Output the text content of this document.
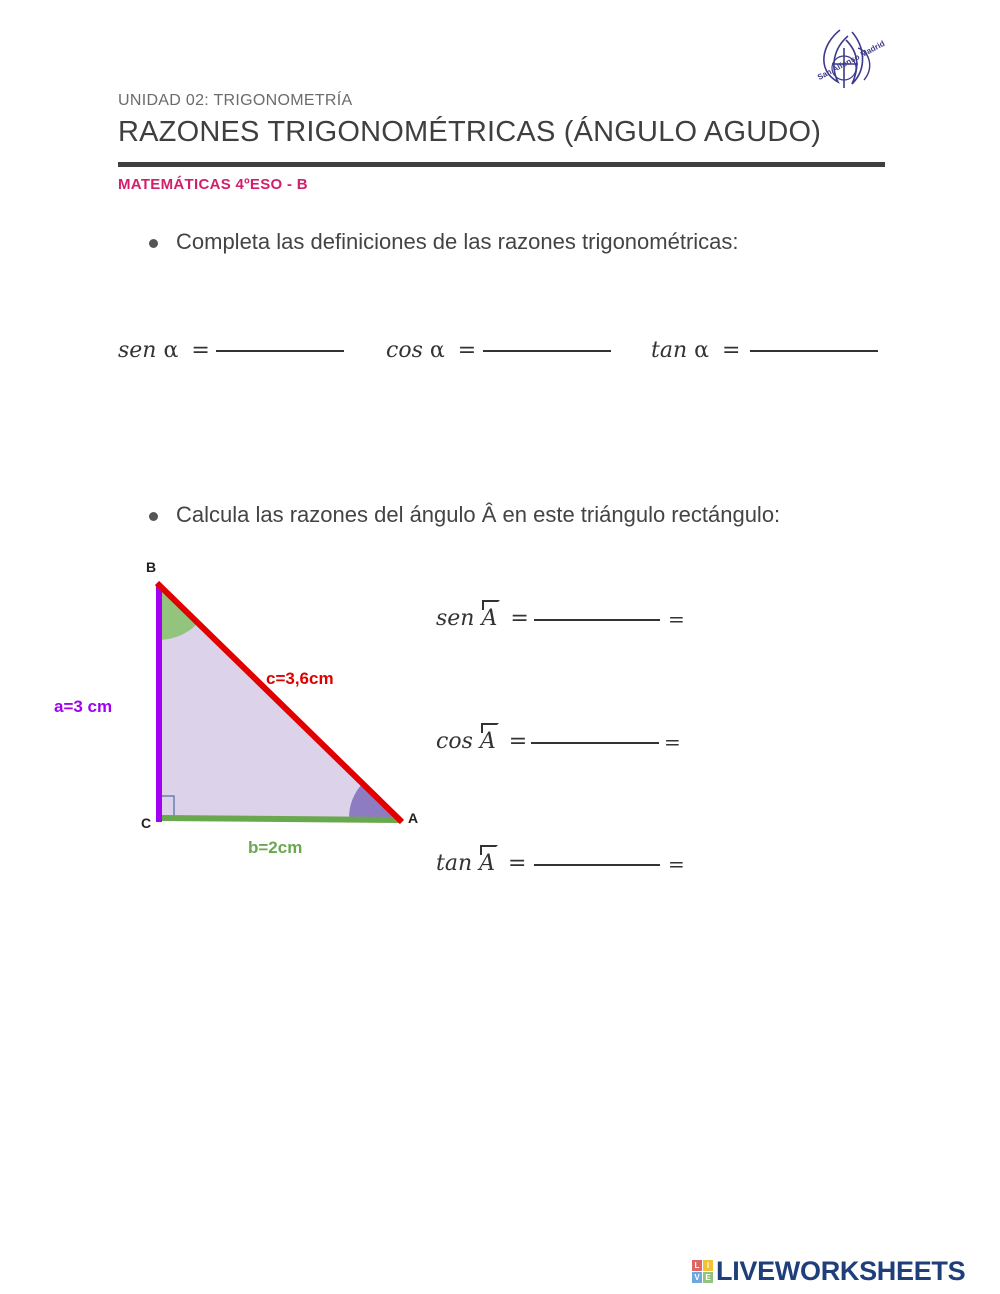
San Alfonso Madrid
UNIDAD 02: TRIGONOMETRÍA
RAZONES TRIGONOMÉTRICAS (ÁNGULO AGUDO)
MATEMÁTICAS 4ºESO - B
Completa las definiciones de las razones trigonométricas:
sen α =	cos α =	tan α =
Calcula las razones del ángulo Â en este triángulo rectángulo:
B
C	A
a=3 cm
b=2cm
c=3,6cm
sen A =	=
cos A =	=
tan A =	=
L I
V E LIVEWORKSHEETS
